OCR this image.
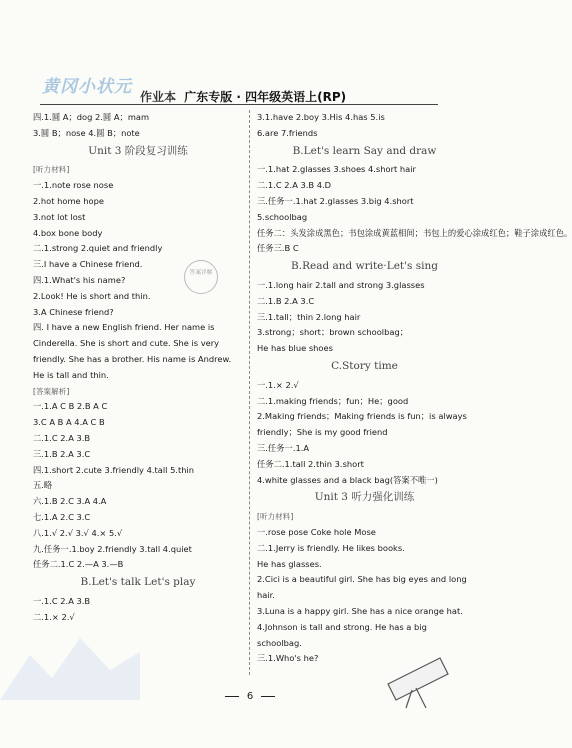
黄冈小状元 作业本 广东专版 · 四年级英语上(RP)
四.1.圆 A；dog 2.圆 A；mam
3.圆 B；nose 4.圆 B；note
Unit 3 阶段复习训练
[听力材料]
一.1.note rose nose
2.hot home hope
3.not lot lost
4.box bone body
二.1.strong 2.quiet and friendly
三.I have a Chinese friend.
四.1.What's his name?
2.Look! He is short and thin.
3.A Chinese friend?
四. I have a new English friend. Her name is Cinderella. She is short and cute. She is very friendly. She has a brother. His name is Andrew. He is tall and thin.
[答案解析]
一.1.A C B 2.B A C
3.C A B A 4.A C B
二.1.C 2.A 3.B
三.1.B 2.A 3.C
四.1.short 2.cute 3.friendly 4.tall 5.thin
五.略
六.1.B 2.C 3.A 4.A
七.1.A 2.C 3.C
八.1.√ 2.√ 3.√ 4.× 5.√
九.任务一.1.boy 2.friendly 3.tall 4.quiet
任务二.1.C 2.—A 3.—B
B.Let's talk Let's play
一.1.C 2.A 3.B
二.1.× 2.√
3.1.have 2.boy 3.His 4.has 5.is
6.are 7.friends
B.Let's learn Say and draw
一.1.hat 2.glasses 3.shoes 4.short hair
二.1.C 2.A 3.B 4.D
三.任务一.1.hat 2.glasses 3.big 4.short
5.schoolbag
任务二：头发涂成黑色；书包涂成黄蓝相间；书包上的爱心涂成红色；鞋子涂成红色。
任务三.B C
B.Read and write·Let's sing
一.1.long hair 2.tall and strong 3.glasses
二.1.B 2.A 3.C
三.1.tall；thin 2.long hair
3.strong；short；brown schoolbag；
He has blue shoes
C.Story time
一.1.× 2.√
二.1.making friends；fun；He；good
2.Making friends；Making friends is fun；is always friendly；She is my good friend
三.任务一.1.A
任务二.1.tall 2.thin 3.short
4.white glasses and a black bag(答案不唯一)
Unit 3 听力强化训练
[听力材料]
一.rose pose Coke hole Mose
二.1.Jerry is friendly. He likes books.
He has glasses.
2.Cici is a beautiful girl. She has big eyes and long hair.
3.Luna is a happy girl. She has a nice orange hat.
4.Johnson is tall and strong. He has a big schoolbag.
三.1.Who's he?
答案详解
6
